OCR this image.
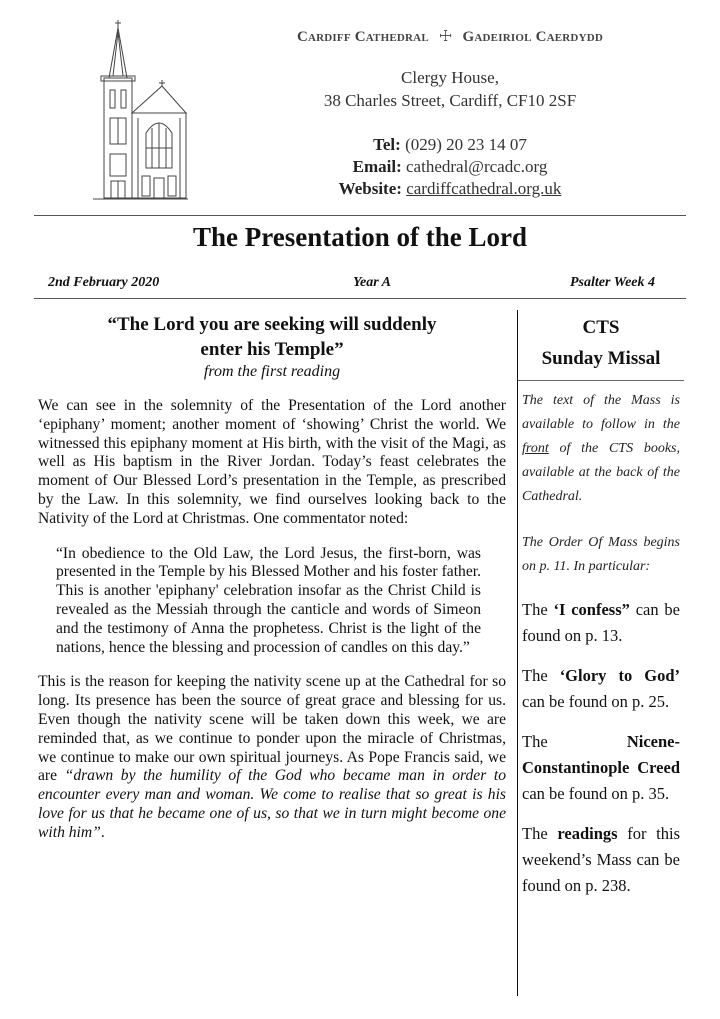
Cardiff Cathedral ☩ Gadeiriol Caerdydd
Clergy House,
38 Charles Street, Cardiff, CF10 2SF
Tel: (029) 20 23 14 07
Email: cathedral@rcadc.org
Website: cardiffcathedral.org.uk
The Presentation of the Lord
2nd February 2020	Year A	Psalter Week 4
“The Lord you are seeking will suddenly
enter his Temple”
from the first reading

We can see in the solemnity of the Presentation of the Lord another ‘epiphany’ moment; another moment of ‘showing’ Christ the world. We witnessed this epiphany moment at His birth, with the visit of the Magi, as well as His baptism in the River Jordan. Today’s feast celebrates the moment of Our Blessed Lord’s presentation in the Temple, as prescribed by the Law. In this solemnity, we find ourselves looking back to the Nativity of the Lord at Christmas. One commentator noted:

“In obedience to the Old Law, the Lord Jesus, the first-born, was presented in the Temple by his Blessed Mother and his foster father. This is another 'epiphany' celebration insofar as the Christ Child is revealed as the Messiah through the canticle and words of Simeon and the testimony of Anna the prophetess. Christ is the light of the nations, hence the blessing and procession of candles on this day.”

This is the reason for keeping the nativity scene up at the Cathedral for so long. Its presence has been the source of great grace and blessing for us. Even though the nativity scene will be taken down this week, we are reminded that, as we continue to ponder upon the miracle of Christmas, we continue to make our own spiritual journeys. As Pope Francis said, we are “drawn by the humility of the God who became man in order to encounter every man and woman. We come to realise that so great is his love for us that he became one of us, so that we in turn might become one with him”.

CTS
Sunday Missal

The text of the Mass is available to follow in the front of the CTS books, available at the back of the Cathedral.

The Order Of Mass begins on p. 11. In particular:

The ‘I confess” can be found on p. 13.

The ‘Glory to God’ can be found on p. 25.

The Nicene-Constantinople Creed can be found on p. 35.

The readings for this weekend’s Mass can be found on p. 238.
